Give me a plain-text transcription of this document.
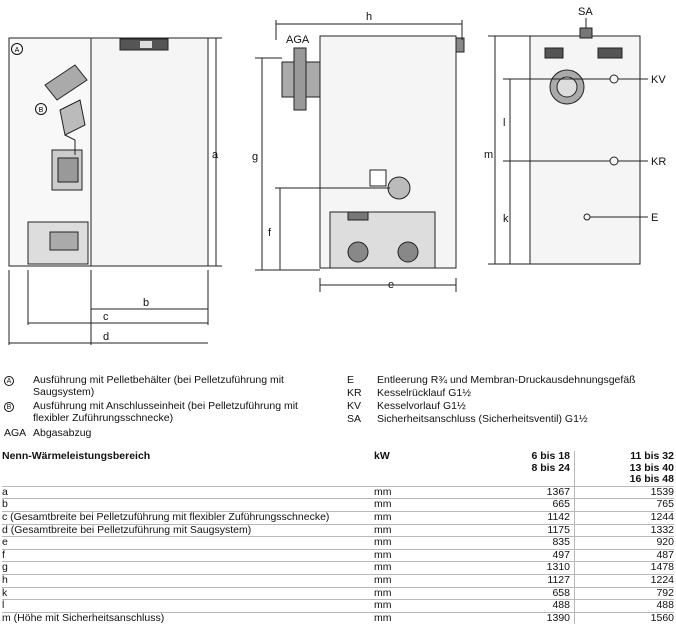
a
b
c
d
e
f
g
h
k
l
m
AGA
SA
KV
KR
E
A
B
A Ausführung mit Pelletbehälter (bei Pelletzuführung mit Saugsystem)
B Ausführung mit Anschlusseinheit (bei Pelletzuführung mit flexibler Zuführungsschnecke)
AGA Abgasabzug
E Entleerung R¾ und Membran-Druckausdehnungsgefäß
KR Kesselrücklauf G1½
KV Kesselvorlauf G1½
SA Sicherheitsanschluss (Sicherheitsventil) G1½
Nenn-Wärmeleistungsbereich	kW	6 bis 18	11 bis 32
		8 bis 24	13 bis 40
			16 bis 48
a	mm	1367	1539
b	mm	665	765
c (Gesamtbreite bei Pelletzuführung mit flexibler Zuführungsschnecke)	mm	1142	1244
d (Gesamtbreite bei Pelletzuführung mit Saugsystem)	mm	1175	1332
e	mm	835	920
f	mm	497	487
g	mm	1310	1478
h	mm	1127	1224
k	mm	658	792
l	mm	488	488
m (Höhe mit Sicherheitsanschluss)	mm	1390	1560
